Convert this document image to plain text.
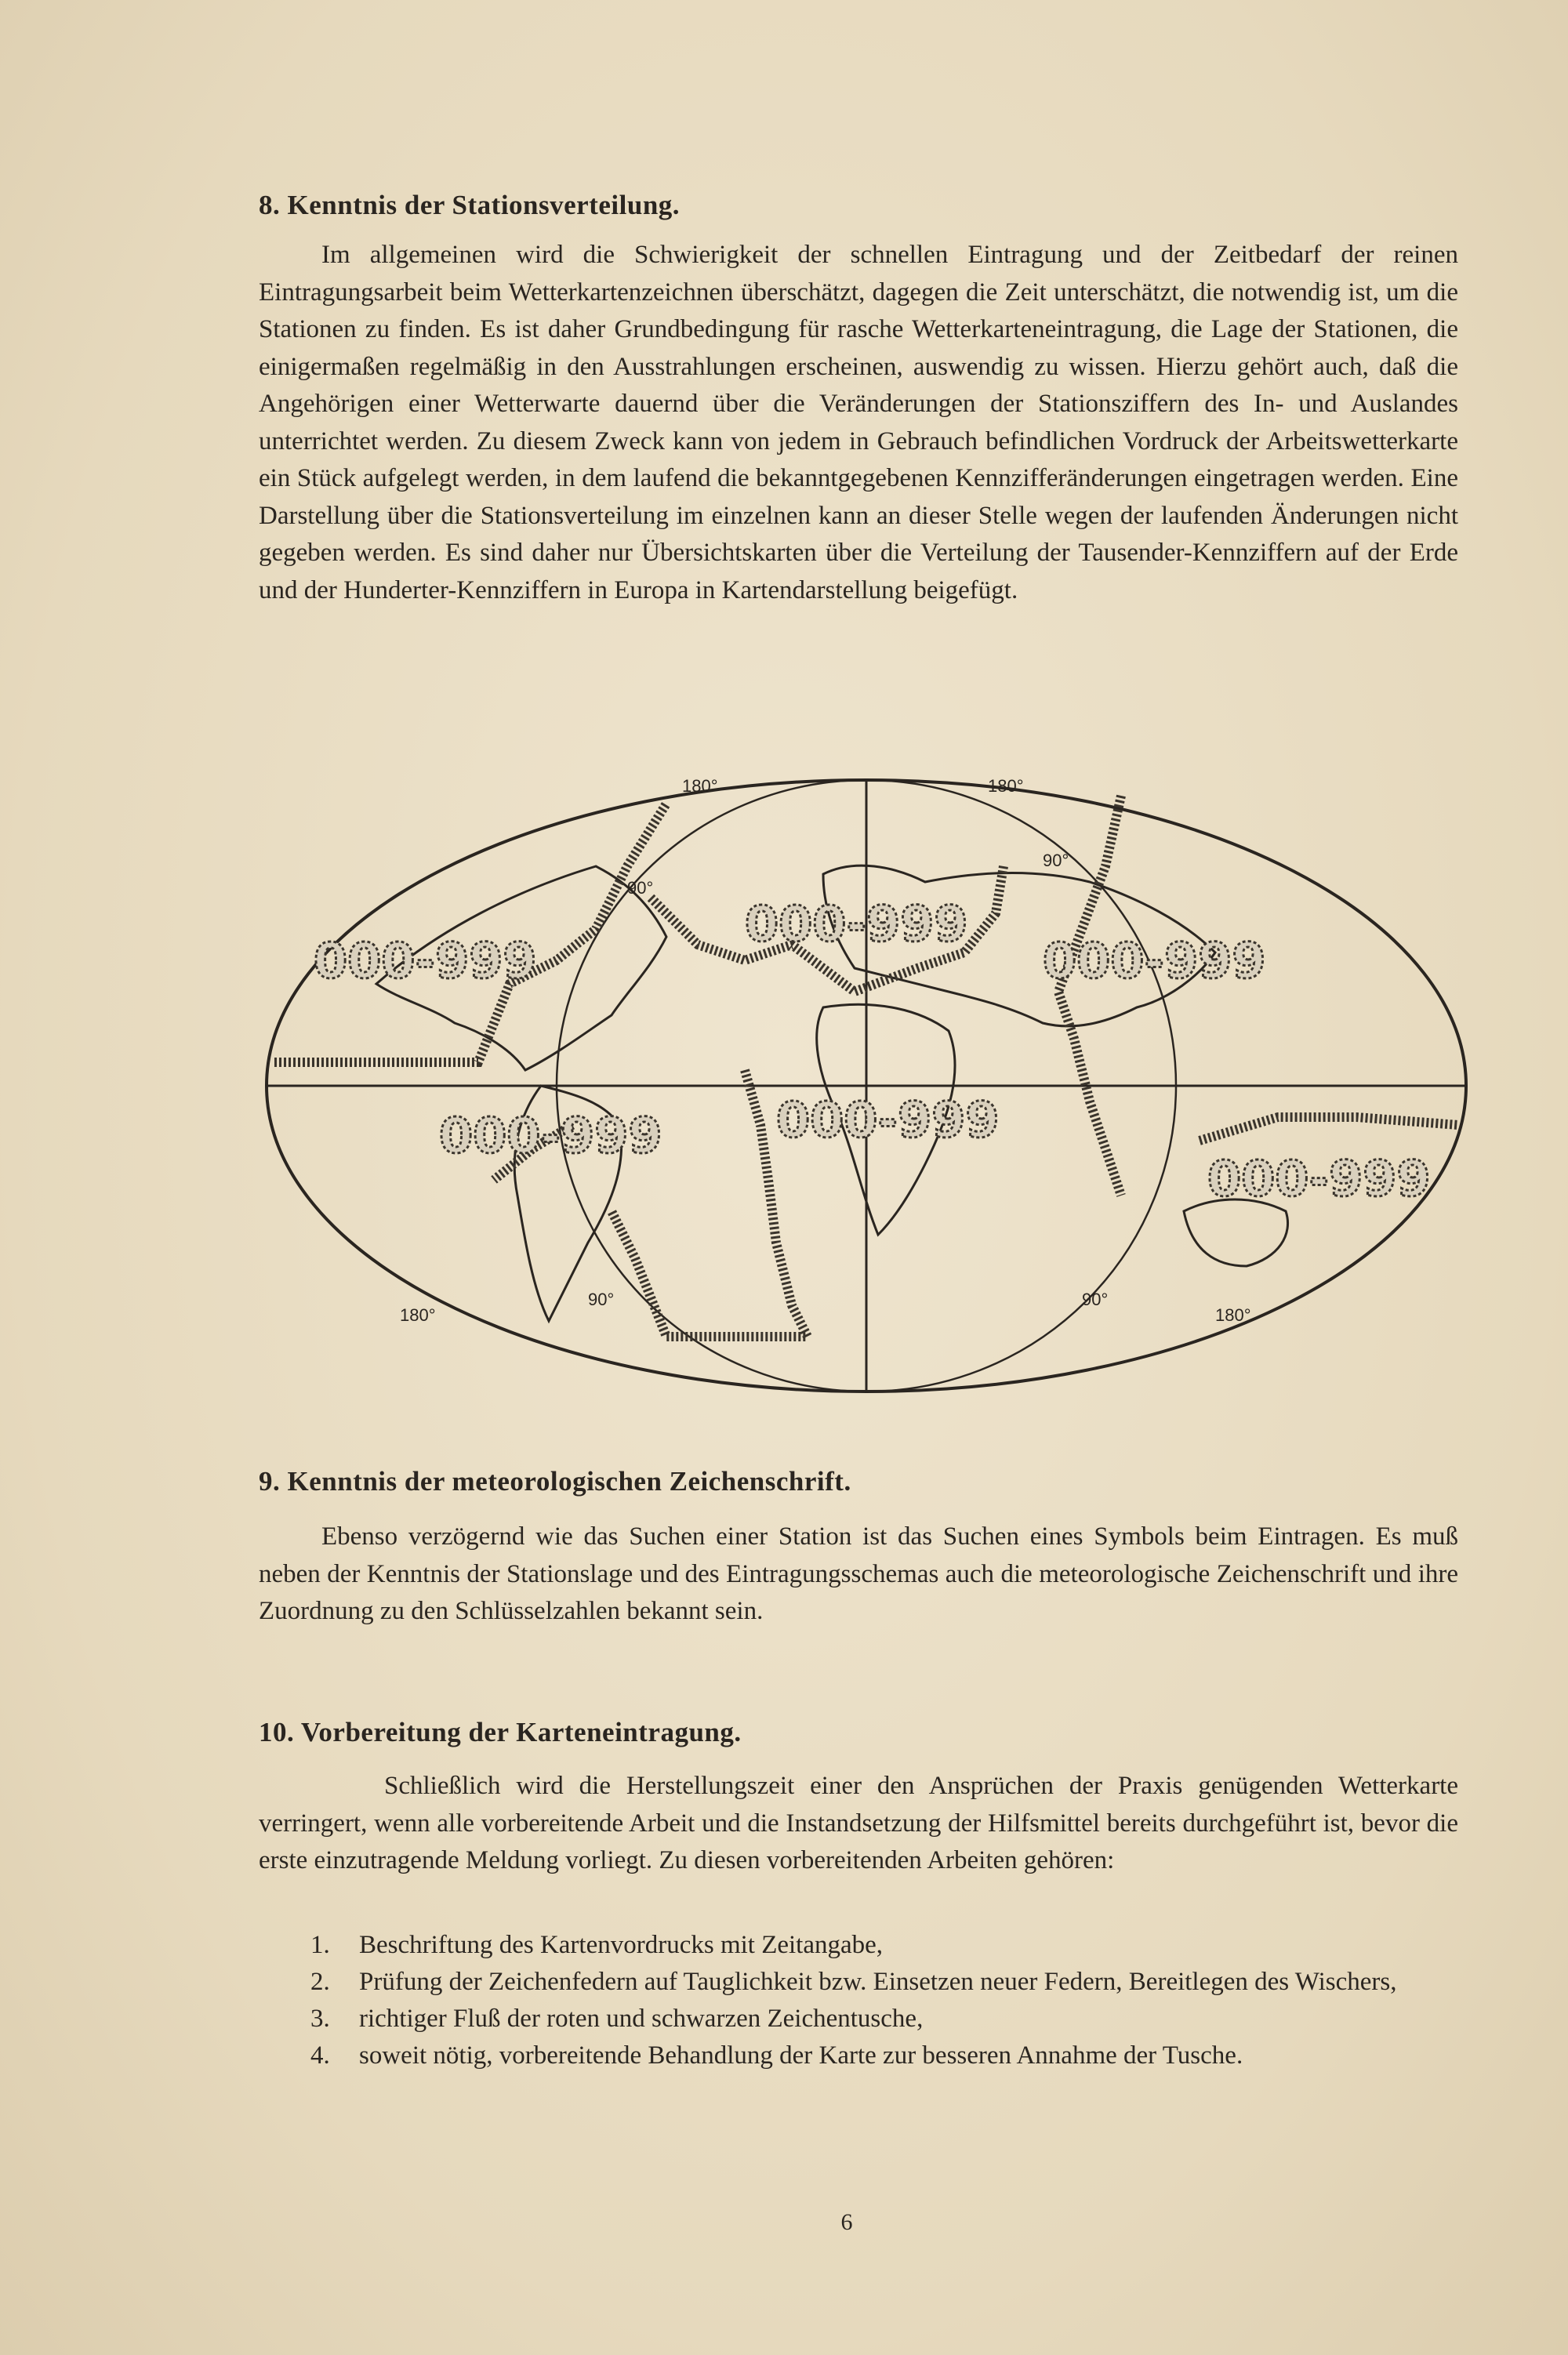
8. Kenntnis der Stationsverteilung.

Im allgemeinen wird die Schwierigkeit der schnellen Eintragung und der Zeitbedarf der reinen Eintragungsarbeit beim Wetterkartenzeichnen überschätzt, dagegen die Zeit unterschätzt, die notwendig ist, um die Stationen zu finden. Es ist daher Grundbedingung für rasche Wetterkarteneintragung, die Lage der Stationen, die einigermaßen regelmäßig in den Ausstrahlungen erscheinen, auswendig zu wissen. Hierzu gehört auch, daß die Angehörigen einer Wetterwarte dauernd über die Veränderungen der Stationsziffern des In- und Auslandes unterrichtet werden. Zu diesem Zweck kann von jedem in Gebrauch befindlichen Vordruck der Arbeitswetterkarte ein Stück aufgelegt werden, in dem laufend die bekanntgegebenen Kennzifferänderungen eingetragen werden. Eine Darstellung über die Stationsverteilung im einzelnen kann an dieser Stelle wegen der laufenden Änderungen nicht gegeben werden. Es sind daher nur Übersichtskarten über die Verteilung der Tausender-Kennziffern auf der Erde und der Hunderter-Kennziffern in Europa in Kartendarstellung beigefügt.

000-999
000-999
000-999
000-999 000-999
000-999
180°	180°
90°
90°
90°	90°
180°	180°
9. Kenntnis der meteorologischen Zeichenschrift.

Ebenso verzögernd wie das Suchen einer Station ist das Suchen eines Symbols beim Eintragen. Es muß neben der Kenntnis der Stationslage und des Eintragungsschemas auch die meteorologische Zeichenschrift und ihre Zuordnung zu den Schlüsselzahlen bekannt sein.

10. Vorbereitung der Karteneintragung.

Schließlich wird die Herstellungszeit einer den Ansprüchen der Praxis genügenden Wetterkarte verringert, wenn alle vorbereitende Arbeit und die Instandsetzung der Hilfsmittel bereits durchgeführt ist, bevor die erste einzutragende Meldung vorliegt. Zu diesen vorbereitenden Arbeiten gehören:

1. Beschriftung des Kartenvordrucks mit Zeitangabe,
2. Prüfung der Zeichenfedern auf Tauglichkeit bzw. Einsetzen neuer Federn, Bereitlegen des Wischers,
3. richtiger Fluß der roten und schwarzen Zeichentusche,
4. soweit nötig, vorbereitende Behandlung der Karte zur besseren Annahme der Tusche.
6
